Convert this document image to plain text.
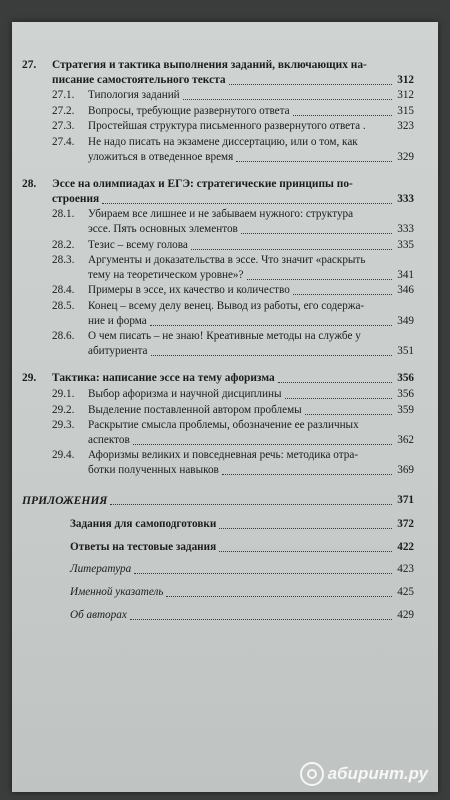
27. Стратегия и тактика выполнения заданий, включающих на-
писание самостоятельного текста	312
27.1. Типология заданий	312
27.2. Вопросы, требующие развернутого ответа	315
27.3. Простейшая структура письменного развернутого ответа .	323
27.4. Не надо писать на экзамене диссертацию, или о том, как
уложиться в отведенное время	329
28. Эссе на олимпиадах и ЕГЭ: стратегические принципы по-
строения	333
28.1. Убираем все лишнее и не забываем нужного: структура
эссе. Пять основных элементов	333
28.2. Тезис – всему голова	335
28.3. Аргументы и доказательства в эссе. Что значит «раскрыть
тему на теоретическом уровне»?	341
28.4. Примеры в эссе, их качество и количество	346
28.5. Конец – всему делу венец. Вывод из работы, его содержа-
ние и форма	349
28.6. О чем писать – не знаю! Креативные методы на службе у
абитуриента	351
29. Тактика: написание эссе на тему афоризма	356
29.1. Выбор афоризма и научной дисциплины	356
29.2. Выделение поставленной автором проблемы	359
29.3. Раскрытие смысла проблемы, обозначение ее различных
аспектов	362
29.4. Афоризмы великих и повседневная речь: методика отра-
ботки полученных навыков	369
ПРИЛОЖЕНИЯ	371
Задания для самоподготовки	372
Ответы на тестовые задания	422
Литература	423
Именной указатель	425
Об авторах	429
абиринт.ру
